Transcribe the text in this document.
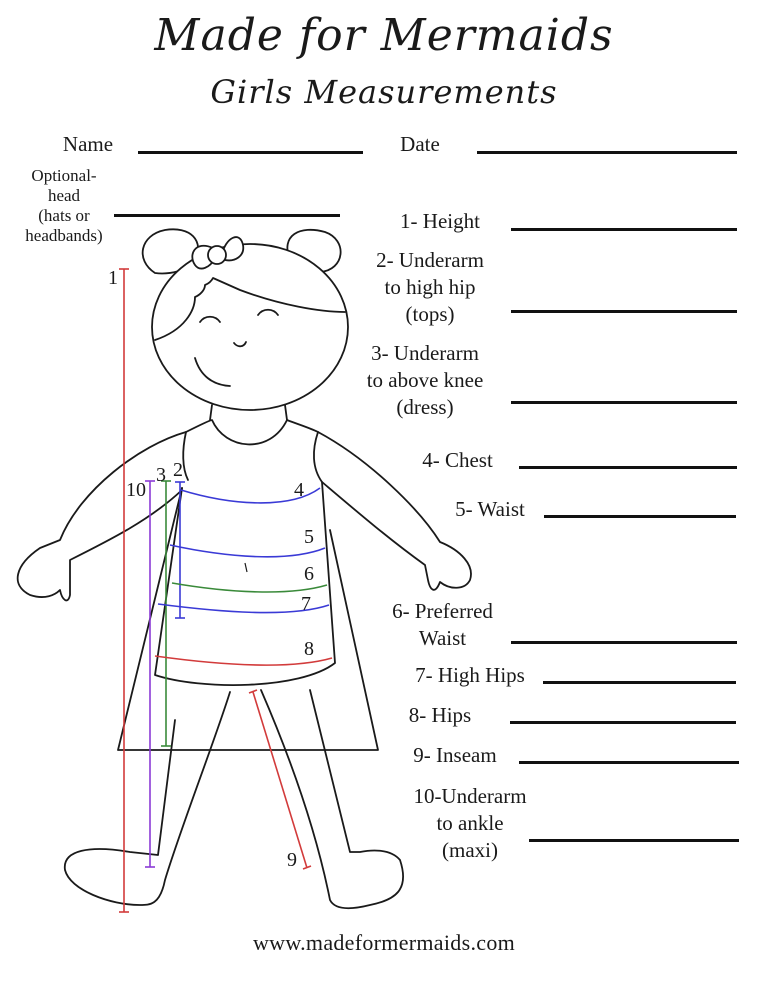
Made for Mermaids
Girls Measurements
Name	Date
Optional-
head
(hats or
headbands)
1- Height
2- Underarm
to high hip
(tops)
3- Underarm
to above knee
(dress)
4- Chest
5- Waist
6- Preferred
Waist
7- High Hips
8- Hips
9- Inseam
10-Underarm
to ankle
(maxi)
1
2
3
10	4
5
6
7
8
9
www.madeformermaids.com
